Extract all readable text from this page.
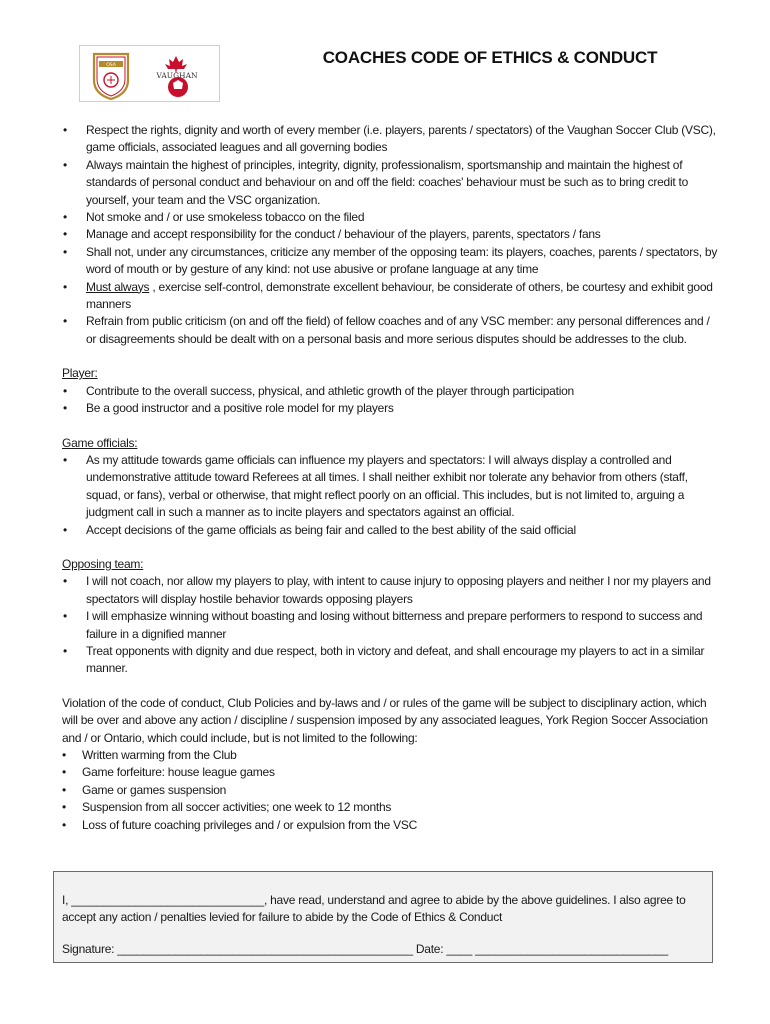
OSA
VAUGHAN
COACHES CODE OF ETHICS & CONDUCT
• Respect the rights, dignity and worth of every member (i.e. players, parents / spectators) of the Vaughan Soccer Club (VSC), game officials, associated leagues and all governing bodies
• Always maintain the highest of principles, integrity, dignity, professionalism, sportsmanship and maintain the highest of standards of personal conduct and behaviour on and off the field: coaches' behaviour must be such as to bring credit to yourself, your team and the VSC organization.
• Not smoke and / or use smokeless tobacco on the filed
• Manage and accept responsibility for the conduct / behaviour of the players, parents, spectators / fans
• Shall not, under any circumstances, criticize any member of the opposing team: its players, coaches, parents / spectators, by word of mouth or by gesture of any kind: not use abusive or profane language at any time
• Must always , exercise self-control, demonstrate excellent behaviour, be considerate of others, be courtesy and exhibit good manners
• Refrain from public criticism (on and off the field) of fellow coaches and of any VSC member: any personal differences and / or disagreements should be dealt with on a personal basis and more serious disputes should be addresses to the club.

Player:

• Contribute to the overall success, physical, and athletic growth of the player through participation
• Be a good instructor and a positive role model for my players

Game officials:

• As my attitude towards game officials can influence my players and spectators: I will always display a controlled and undemonstrative attitude toward Referees at all times. I shall neither exhibit nor tolerate any behavior from others (staff, squad, or fans), verbal or otherwise, that might reflect poorly on an official. This includes, but is not limited to, arguing a judgment call in such a manner as to incite players and spectators against an official.
• Accept decisions of the game officials as being fair and called to the best ability of the said official

Opposing team:

• I will not coach, nor allow my players to play, with intent to cause injury to opposing players and neither I nor my players and spectators will display hostile behavior towards opposing players
• I will emphasize winning without boasting and losing without bitterness and prepare performers to respond to success and failure in a dignified manner
• Treat opponents with dignity and due respect, both in victory and defeat, and shall encourage my players to act in a similar manner.

Violation of the code of conduct, Club Policies and by-laws and / or rules of the game will be subject to disciplinary action, which will be over and above any action / discipline / suspension imposed by any associated leagues, York Region Soccer Association and / or Ontario, which could include, but is not limited to the following:

• Written warming from the Club
• Game forfeiture: house league games
• Game or games suspension
• Suspension from all soccer activities; one week to 12 months
• Loss of future coaching privileges and / or expulsion from the VSC
I, ______________________________, have read, understand and agree to abide by the above guidelines. I also agree to accept any action / penalties levied for failure to abide by the Code of Ethics & Conduct
Signature: ______________________________________________ Date: ____ ______________________________
